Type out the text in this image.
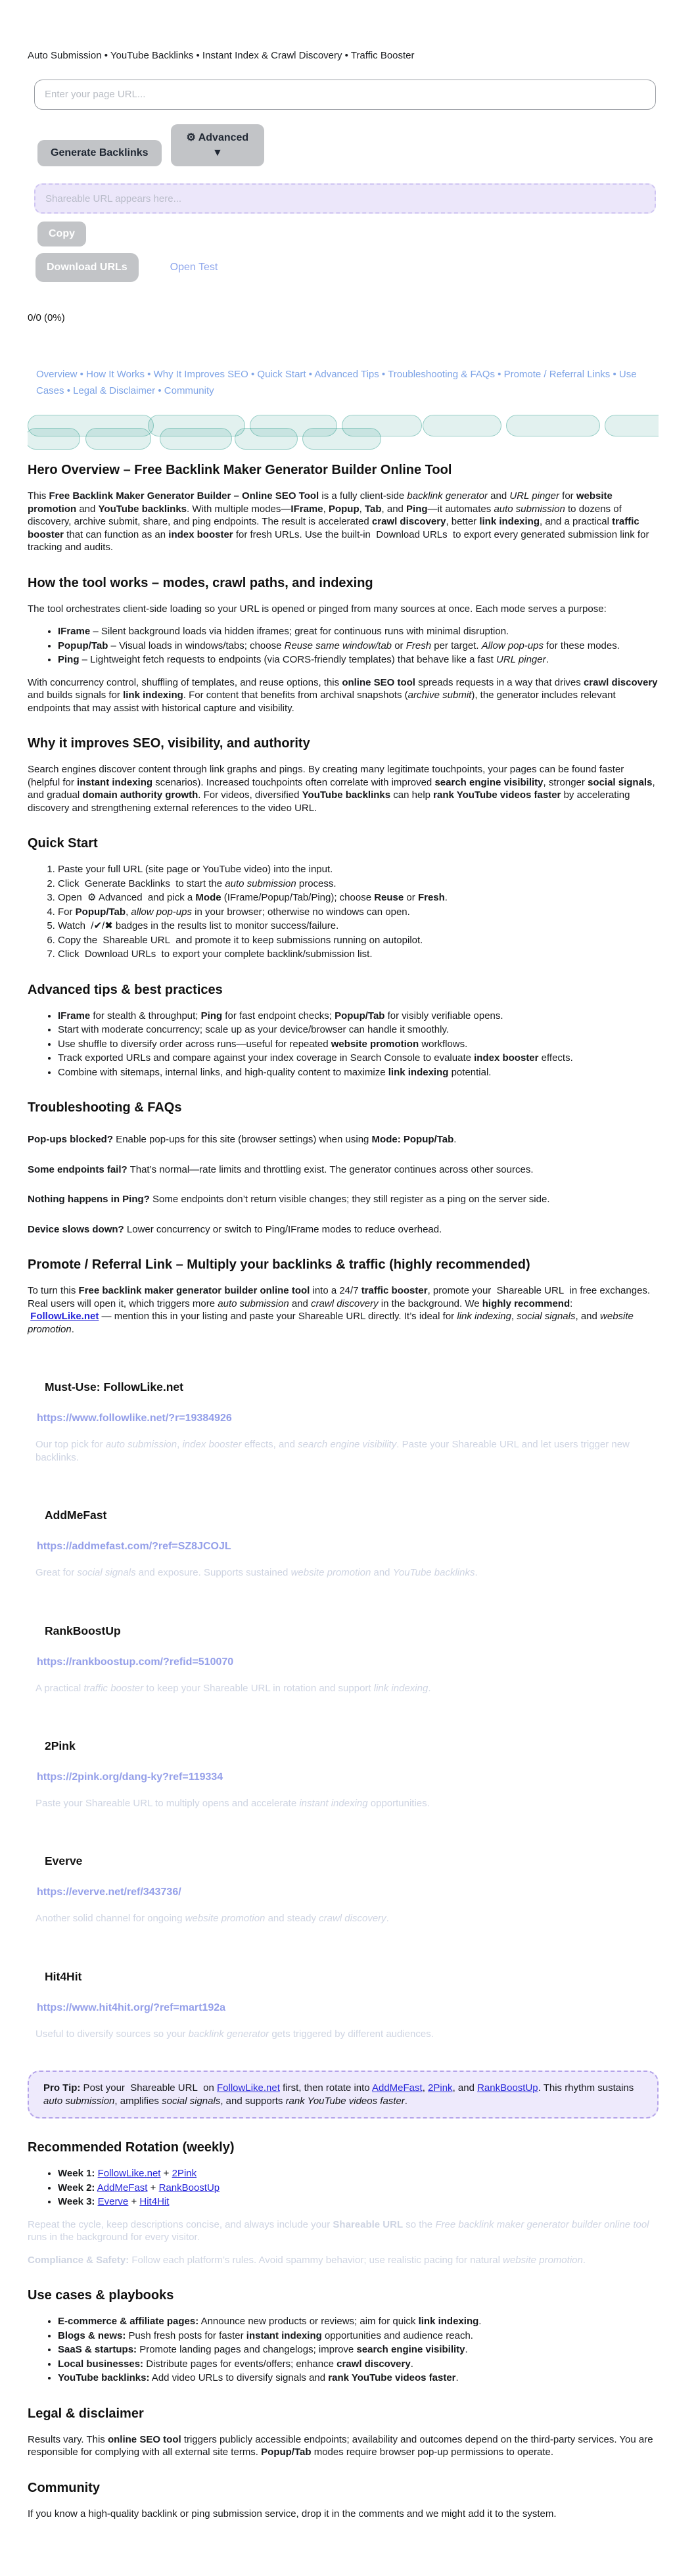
Auto Submission • YouTube Backlinks • Instant Index & Crawl Discovery • Traffic Booster

Enter your page URL...
Generate Backlinks
⚙ Advanced
▼
Shareable URL appears here... Copy
Download URLs	Open Test
0/0 (0%)
Overview • How It Works • Why It Improves SEO • Quick Start • Advanced Tips • Troubleshooting & FAQs • Promote / Referral Links • Use Cases • Legal & Disclaimer • Community
Hero Overview – Free Backlink Maker Generator Builder Online Tool

This Free Backlink Maker Generator Builder – Online SEO Tool is a fully client-side backlink generator and URL pinger for website promotion and YouTube backlinks. With multiple modes—IFrame, Popup, Tab, and Ping—it automates auto submission to dozens of discovery, archive submit, share, and ping endpoints. The result is accelerated crawl discovery, better link indexing, and a practical traffic booster that can function as an index booster for fresh URLs. Use the built-in  Download URLs  to export every generated submission link for tracking and audits.

How the tool works – modes, crawl paths, and indexing

The tool orchestrates client-side loading so your URL is opened or pinged from many sources at once. Each mode serves a purpose:

• IFrame – Silent background loads via hidden iframes; great for continuous runs with minimal disruption.
• Popup/Tab – Visual loads in windows/tabs; choose Reuse same window/tab or Fresh per target. Allow pop-ups for these modes.
• Ping – Lightweight fetch requests to endpoints (via CORS-friendly templates) that behave like a fast URL pinger.

With concurrency control, shuffling of templates, and reuse options, this online SEO tool spreads requests in a way that drives crawl discovery and builds signals for link indexing. For content that benefits from archival snapshots (archive submit), the generator includes relevant endpoints that may assist with historical capture and visibility.

Why it improves SEO, visibility, and authority

Search engines discover content through link graphs and pings. By creating many legitimate touchpoints, your pages can be found faster (helpful for instant indexing scenarios). Increased touchpoints often correlate with improved search engine visibility, stronger social signals, and gradual domain authority growth. For videos, diversified YouTube backlinks can help rank YouTube videos faster by accelerating discovery and strengthening external references to the video URL.

Quick Start
1. Paste your full URL (site page or YouTube video) into the input.
2. Click  Generate Backlinks  to start the auto submission process.
3. Open  ⚙ Advanced  and pick a Mode (IFrame/Popup/Tab/Ping); choose Reuse or Fresh.
4. For Popup/Tab, allow pop-ups in your browser; otherwise no windows can open.
5. Watch  /✔/✖ badges in the results list to monitor success/failure.
6. Copy the  Shareable URL  and promote it to keep submissions running on autopilot.
7. Click  Download URLs  to export your complete backlink/submission list.
Advanced tips & best practices
• IFrame for stealth & throughput; Ping for fast endpoint checks; Popup/Tab for visibly verifiable opens.
• Start with moderate concurrency; scale up as your device/browser can handle it smoothly.
• Use shuffle to diversify order across runs—useful for repeated website promotion workflows.
• Track exported URLs and compare against your index coverage in Search Console to evaluate index booster effects.
• Combine with sitemaps, internal links, and high-quality content to maximize link indexing potential.
Troubleshooting & FAQs

Pop-ups blocked? Enable pop-ups for this site (browser settings) when using Mode: Popup/Tab.

Some endpoints fail? That’s normal—rate limits and throttling exist. The generator continues across other sources.

Nothing happens in Ping? Some endpoints don’t return visible changes; they still register as a ping on the server side.

Device slows down? Lower concurrency or switch to Ping/IFrame modes to reduce overhead.

Promote / Referral Link – Multiply your backlinks & traffic (highly recommended)

To turn this Free backlink maker generator builder online tool into a 24/7 traffic booster, promote your  Shareable URL  in free exchanges. Real users will open it, which triggers more auto submission and crawl discovery in the background. We highly recommend:
FollowLike.net — mention this in your listing and paste your Shareable URL directly. It’s ideal for link indexing, social signals, and website promotion.

Must-Use: FollowLike.net
https://www.followlike.net/?r=19384926

Our top pick for auto submission, index booster effects, and search engine visibility. Paste your Shareable URL and let users trigger new backlinks.

AddMeFast
https://addmefast.com/?ref=SZ8JCOJL

Great for social signals and exposure. Supports sustained website promotion and YouTube backlinks.

RankBoostUp
https://rankboostup.com/?refid=510070

A practical traffic booster to keep your Shareable URL in rotation and support link indexing.

2Pink
https://2pink.org/dang-ky?ref=119334

Paste your Shareable URL to multiply opens and accelerate instant indexing opportunities.

Everve
https://everve.net/ref/343736/

Another solid channel for ongoing website promotion and steady crawl discovery.

Hit4Hit
https://www.hit4hit.org/?ref=mart192a

Useful to diversify sources so your backlink generator gets triggered by different audiences.

Pro Tip: Post your  Shareable URL  on FollowLike.net first, then rotate into AddMeFast, 2Pink, and RankBoostUp. This rhythm sustains auto submission, amplifies social signals, and supports rank YouTube videos faster.

Recommended Rotation (weekly)
• Week 1: FollowLike.net + 2Pink
• Week 2: AddMeFast + RankBoostUp
• Week 3: Everve + Hit4Hit

Repeat the cycle, keep descriptions concise, and always include your Shareable URL so the Free backlink maker generator builder online tool runs in the background for every visitor.

Compliance & Safety: Follow each platform’s rules. Avoid spammy behavior; use realistic pacing for natural website promotion.

Use cases & playbooks
• E-commerce & affiliate pages: Announce new products or reviews; aim for quick link indexing.
• Blogs & news: Push fresh posts for faster instant indexing opportunities and audience reach.
• SaaS & startups: Promote landing pages and changelogs; improve search engine visibility.
• Local businesses: Distribute pages for events/offers; enhance crawl discovery.
• YouTube backlinks: Add video URLs to diversify signals and rank YouTube videos faster.
Legal & disclaimer

Results vary. This online SEO tool triggers publicly accessible endpoints; availability and outcomes depend on the third-party services. You are responsible for complying with all external site terms. Popup/Tab modes require browser pop-up permissions to operate.

Community

If you know a high-quality backlink or ping submission service, drop it in the comments and we might add it to the system.
